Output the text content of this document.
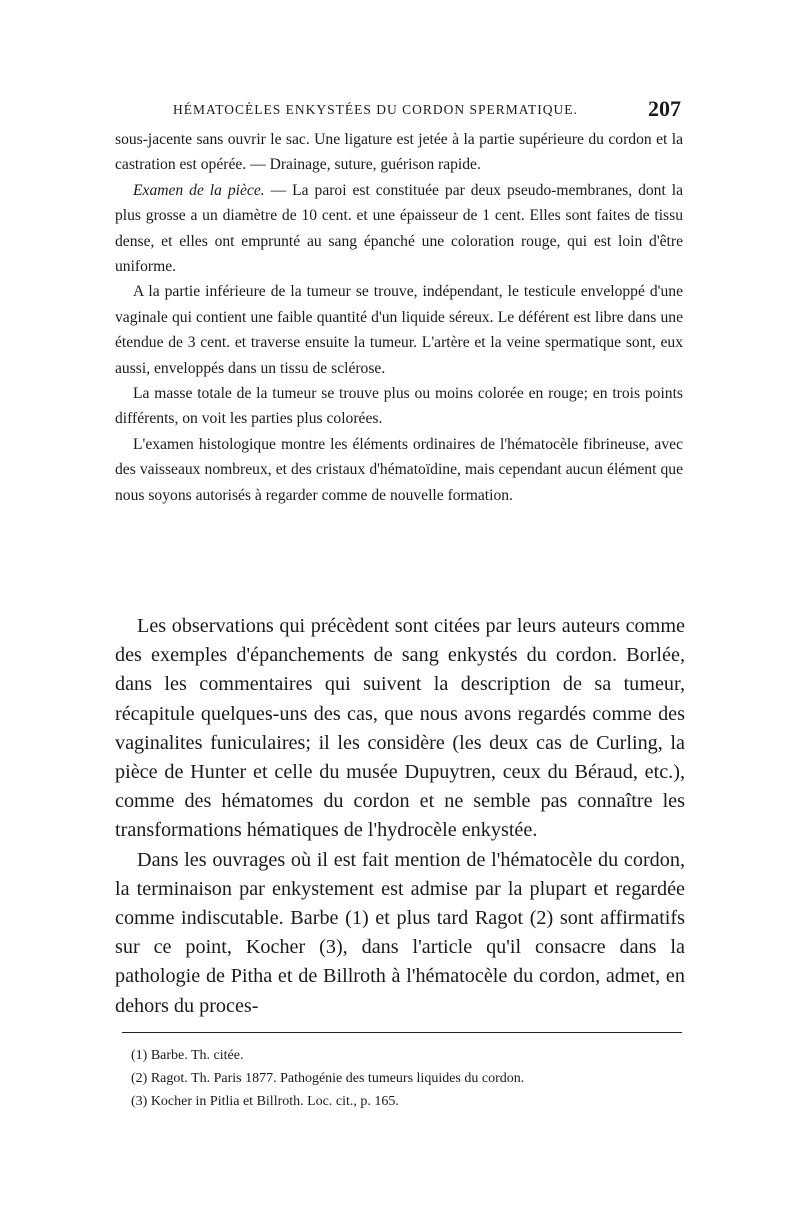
HÉMATOCÈLES ENKYSTÉES DU CORDON SPERMATIQUE.	207

sous-jacente sans ouvrir le sac. Une ligature est jetée à la partie supérieure du cordon et la castration est opérée. — Drainage, suture, guérison rapide.

Examen de la pièce. — La paroi est constituée par deux pseudo-membranes, dont la plus grosse a un diamètre de 10 cent. et une épaisseur de 1 cent. Elles sont faites de tissu dense, et elles ont emprunté au sang épanché une coloration rouge, qui est loin d'être uniforme.

A la partie inférieure de la tumeur se trouve, indépendant, le testicule enveloppé d'une vaginale qui contient une faible quantité d'un liquide séreux. Le déférent est libre dans une étendue de 3 cent. et traverse ensuite la tumeur. L'artère et la veine spermatique sont, eux aussi, enveloppés dans un tissu de sclérose.

La masse totale de la tumeur se trouve plus ou moins colorée en rouge; en trois points différents, on voit les parties plus colorées.

L'examen histologique montre les éléments ordinaires de l'hématocèle fibrineuse, avec des vaisseaux nombreux, et des cristaux d'hématoïdine, mais cependant aucun élément que nous soyons autorisés à regarder comme de nouvelle formation.

Les observations qui précèdent sont citées par leurs auteurs comme des exemples d'épanchements de sang enkystés du cordon. Borlée, dans les commentaires qui suivent la description de sa tumeur, récapitule quelques-uns des cas, que nous avons regardés comme des vaginalites funiculaires; il les considère (les deux cas de Curling, la pièce de Hunter et celle du musée Dupuytren, ceux du Béraud, etc.), comme des hématomes du cordon et ne semble pas connaître les transformations hématiques de l'hydrocèle enkystée.

Dans les ouvrages où il est fait mention de l'hématocèle du cordon, la terminaison par enkystement est admise par la plupart et regardée comme indiscutable. Barbe (1) et plus tard Ragot (2) sont affirmatifs sur ce point, Kocher (3), dans l'article qu'il consacre dans la pathologie de Pitha et de Billroth à l'hématocèle du cordon, admet, en dehors du proces-

(1) Barbe. Th. citée.
(2) Ragot. Th. Paris 1877. Pathogénie des tumeurs liquides du cordon.
(3) Kocher in Pitlia et Billroth. Loc. cit., p. 165.
